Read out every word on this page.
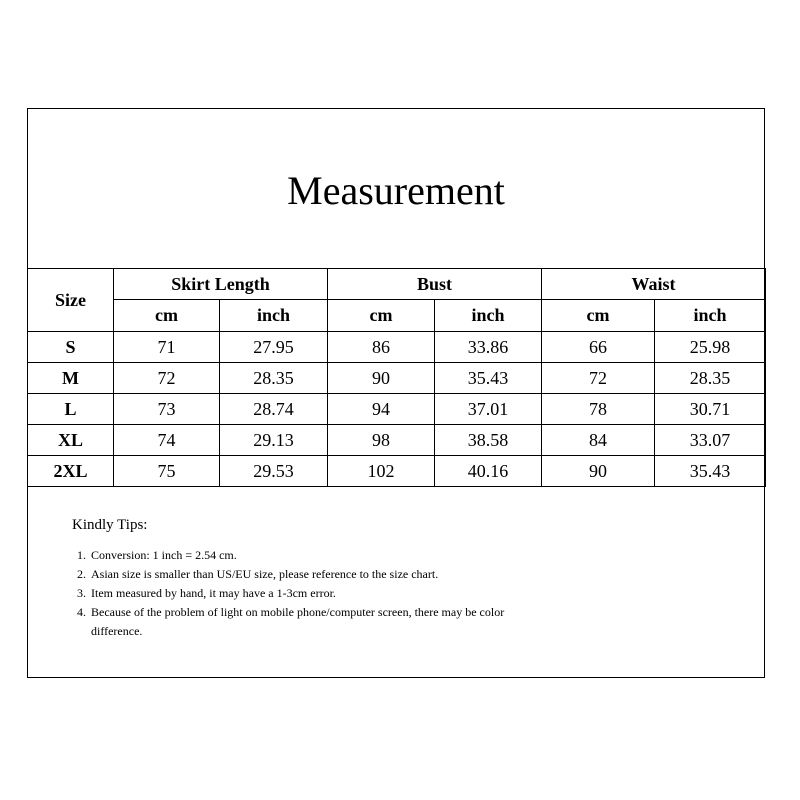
Measurement
Size	Skirt Length		Bust		Waist	
	cm	inch	cm	inch	cm	inch
S	71	27.95	86	33.86	66	25.98
M	72	28.35	90	35.43	72	28.35
L	73	28.74	94	37.01	78	30.71
XL	74	29.13	98	38.58	84	33.07
2XL	75	29.53	102	40.16	90	35.43
Kindly Tips:
1. Conversion: 1 inch = 2.54 cm.
2. Asian size is smaller than US/EU size, please reference to the size chart.
3. Item measured by hand, it may have a 1-3cm error.
4. Because of the problem of light on mobile phone/computer screen, there may be color difference.
